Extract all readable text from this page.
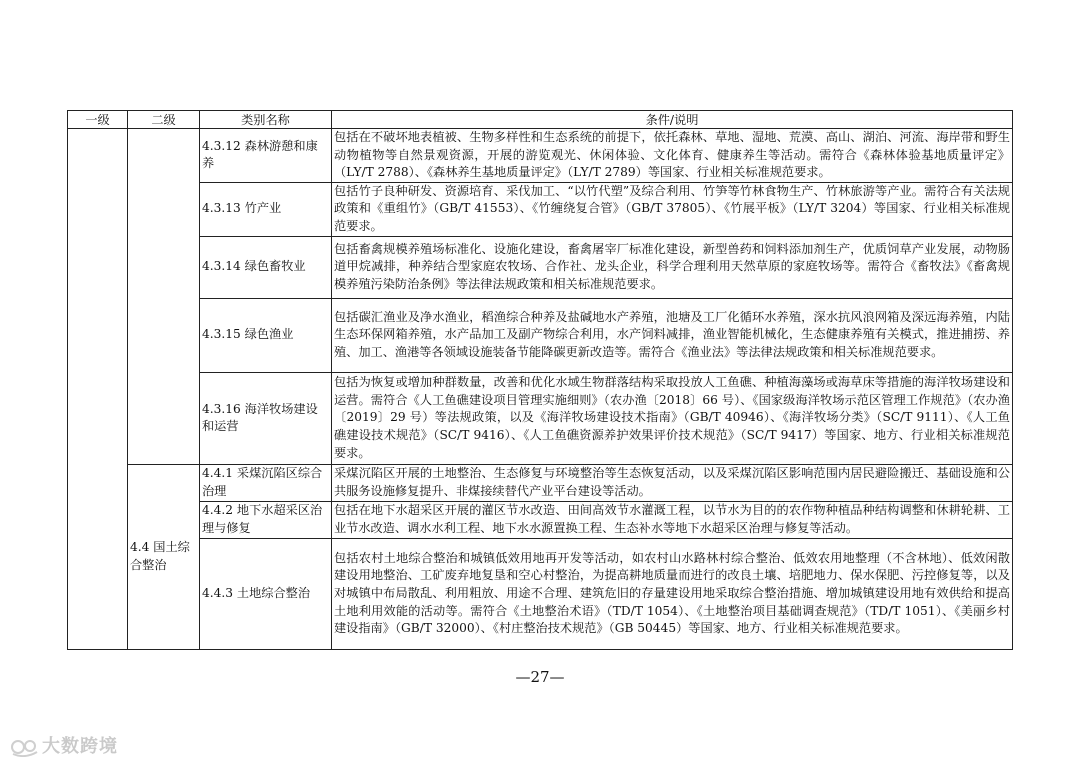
一级	二级	类别名称	条件/说明
		4.3.12 森林游憩和康养	包括在不破坏地表植被、生物多样性和生态系统的前提下，依托森林、草地、湿地、荒漠、高山、湖泊、河流、海岸带和野生动物植物等自然景观资源，开展的游览观光、休闲体验、文化体育、健康养生等活动。需符合《森林体验基地质量评定》（LY/T 2788）、《森林养生基地质量评定》（LY/T 2789）等国家、行业相关标准规范要求。
		4.3.13 竹产业	包括竹子良种研发、资源培育、采伐加工、“以竹代塑”及综合利用、竹笋等竹林食物生产、竹林旅游等产业。需符合有关法规政策和《重组竹》（GB/T 41553）、《竹缠绕复合管》（GB/T 37805）、《竹展平板》（LY/T 3204）等国家、行业相关标准规范要求。
		4.3.14 绿色畜牧业	包括畜禽规模养殖场标准化、设施化建设，畜禽屠宰厂标准化建设，新型兽药和饲料添加剂生产，优质饲草产业发展，动物肠道甲烷减排，种养结合型家庭农牧场、合作社、龙头企业，科学合理利用天然草原的家庭牧场等。需符合《畜牧法》《畜禽规模养殖污染防治条例》等法律法规政策和相关标准规范要求。
		4.3.15 绿色渔业	包括碳汇渔业及净水渔业，稻渔综合种养及盐碱地水产养殖，池塘及工厂化循环水养殖，深水抗风浪网箱及深远海养殖，内陆生态环保网箱养殖，水产品加工及副产物综合利用，水产饲料减排，渔业智能机械化，生态健康养殖有关模式，推进捕捞、养殖、加工、渔港等各领域设施装备节能降碳更新改造等。需符合《渔业法》等法律法规政策和相关标准规范要求。
		4.3.16 海洋牧场建设和运营	包括为恢复或增加种群数量，改善和优化水域生物群落结构采取投放人工鱼礁、种植海藻场或海草床等措施的海洋牧场建设和运营。需符合《人工鱼礁建设项目管理实施细则》（农办渔〔2018〕66 号）、《国家级海洋牧场示范区管理工作规范》（农办渔〔2019〕29 号）等法规政策，以及《海洋牧场建设技术指南》（GB/T 40946）、《海洋牧场分类》（SC/T 9111）、《人工鱼礁建设技术规范》（SC/T 9416）、《人工鱼礁资源养护效果评价技术规范》（SC/T 9417）等国家、地方、行业相关标准规范要求。
	4.4 国土综合整治	4.4.1 采煤沉陷区综合治理	采煤沉陷区开展的土地整治、生态修复与环境整治等生态恢复活动，以及采煤沉陷区影响范围内居民避险搬迁、基础设施和公共服务设施修复提升、非煤接续替代产业平台建设等活动。
		4.4.2 地下水超采区治理与修复	包括在地下水超采区开展的灌区节水改造、田间高效节水灌溉工程，以节水为目的的农作物种植品种结构调整和休耕轮耕、工业节水改造、调水水利工程、地下水水源置换工程、生态补水等地下水超采区治理与修复等活动。
		4.4.3 土地综合整治	包括农村土地综合整治和城镇低效用地再开发等活动，如农村山水路林村综合整治、低效农用地整理（不含林地）、低效闲散建设用地整治、工矿废弃地复垦和空心村整治，为提高耕地质量而进行的改良土壤、培肥地力、保水保肥、污控修复等，以及对城镇中布局散乱、利用粗放、用途不合理、建筑危旧的存量建设用地采取综合整治措施、增加城镇建设用地有效供给和提高土地利用效能的活动等。需符合《土地整治术语》（TD/T 1054）、《土地整治项目基础调查规范》（TD/T 1051）、《美丽乡村建设指南》（GB/T 32000）、《村庄整治技术规范》（GB 50445）等国家、地方、行业相关标准规范要求。
—27—
大数跨境
